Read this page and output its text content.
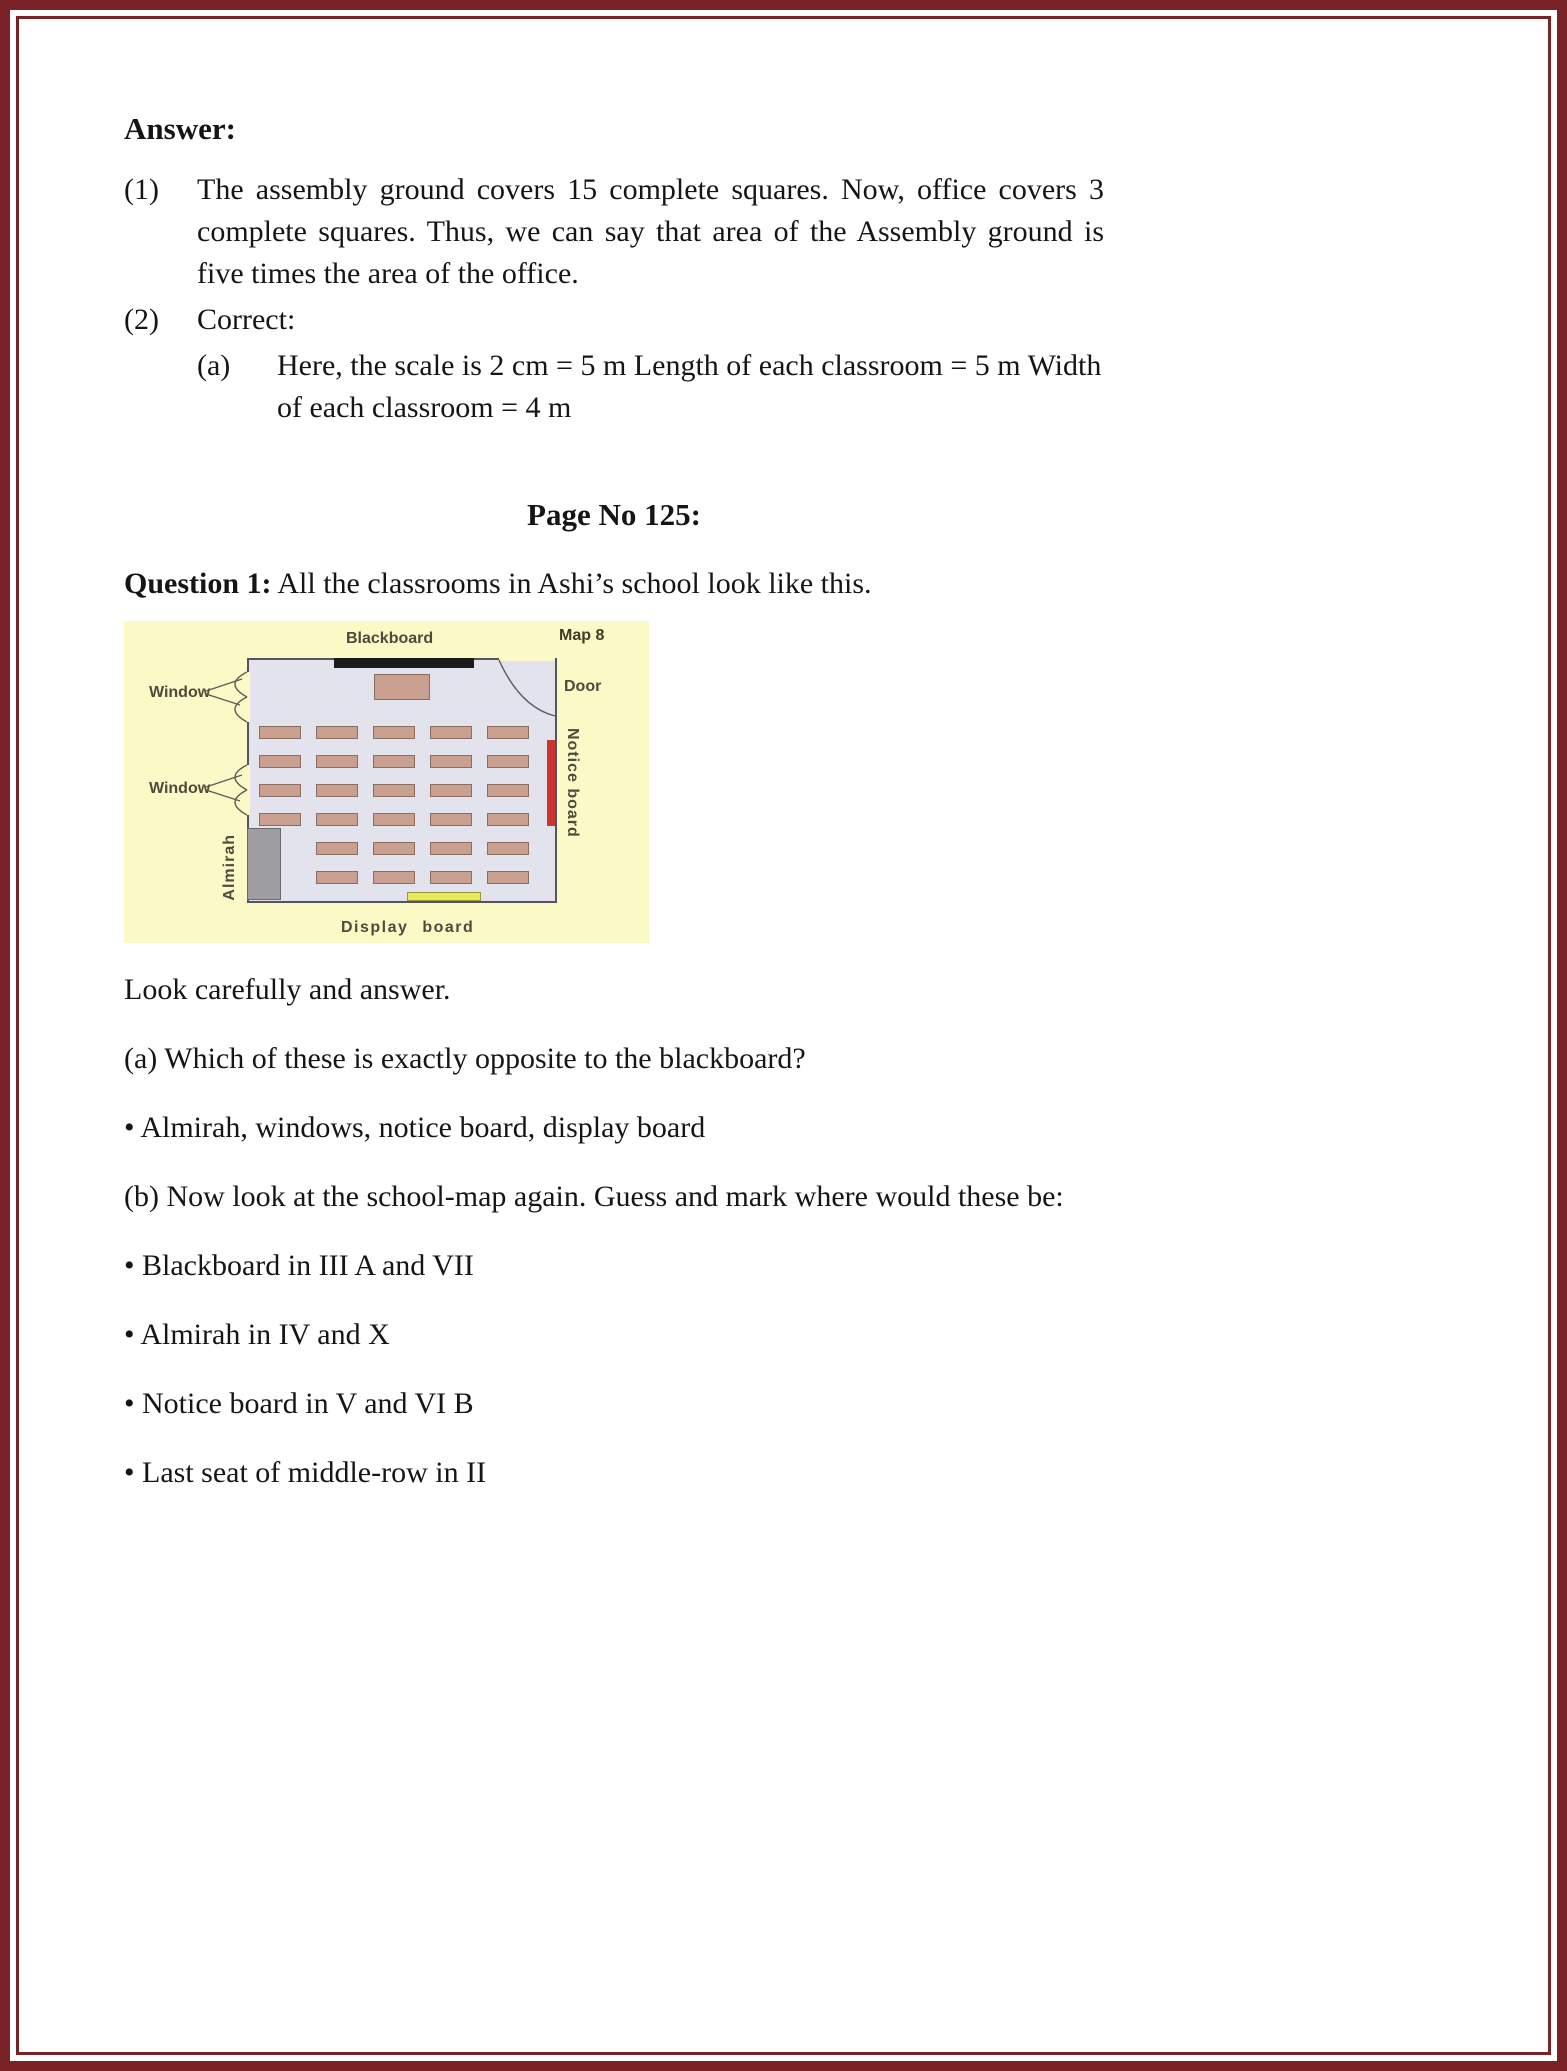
Answer:
(1)	The assembly ground covers 15 complete squares. Now, office covers 3 complete squares. Thus, we can say that area of the Assembly ground is five times the area of the office.
(2)	Correct:
(a)	Here, the scale is 2 cm = 5 m Length of each classroom = 5 m Width of each classroom = 4 m
Page No 125:

Question 1: All the classrooms in Ashi’s school look like this.

Blackboard	Map 8
Window	Door
Window	Notice board
Almirah
Display board

Look carefully and answer.

(a) Which of these is exactly opposite to the blackboard?

• Almirah, windows, notice board, display board

(b) Now look at the school-map again. Guess and mark where would these be:

• Blackboard in III A and VII

• Almirah in IV and X

• Notice board in V and VI B

• Last seat of middle-row in II
